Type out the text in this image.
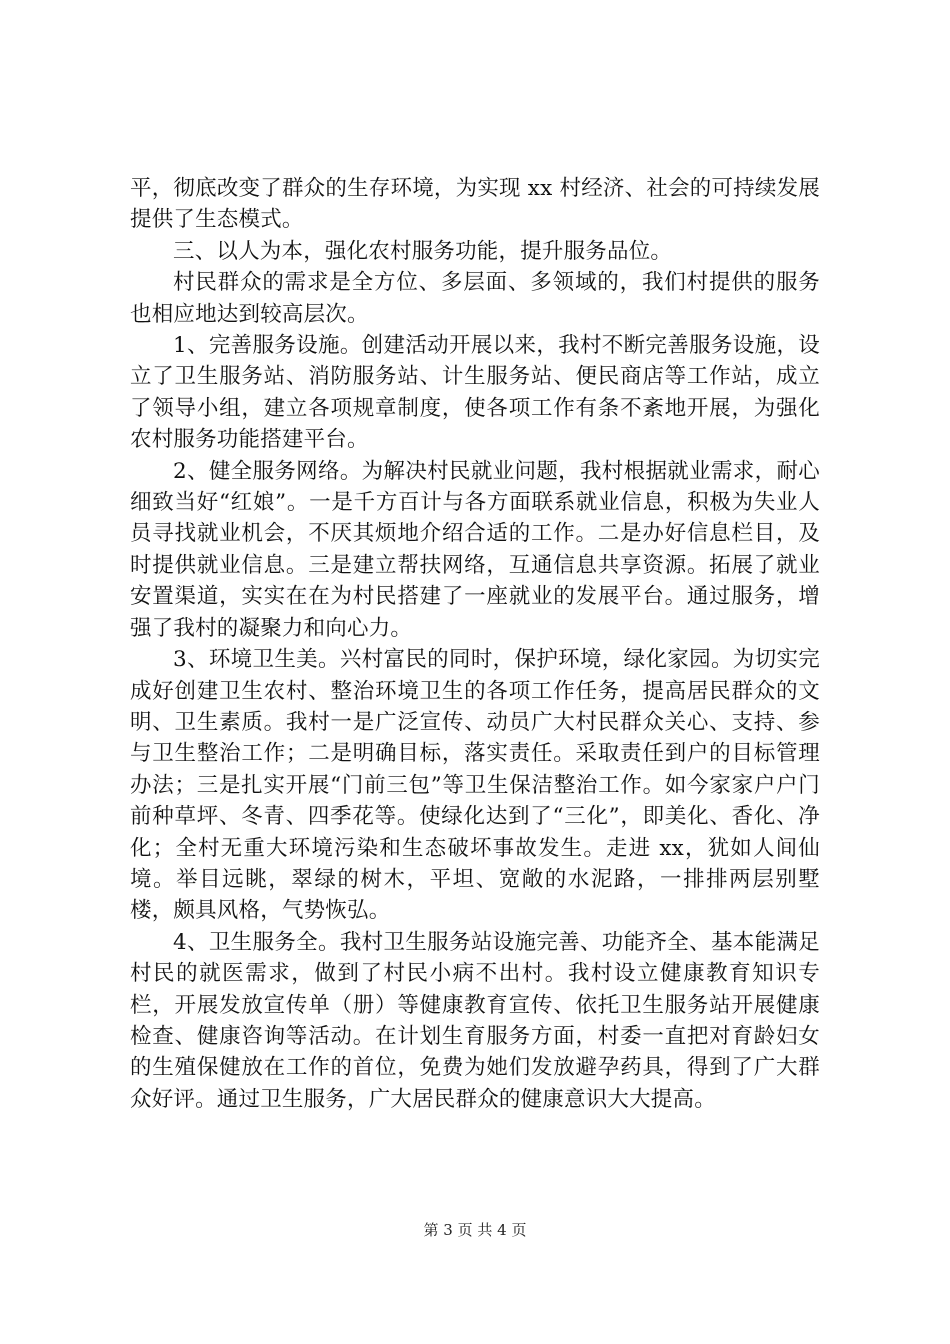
平，彻底改变了群众的生存环境，为实现 xx 村经济、社会的可持续发展提供了生态模式。

三、以人为本，强化农村服务功能，提升服务品位。

村民群众的需求是全方位、多层面、多领域的，我们村提供的服务也相应地达到较高层次。

1、完善服务设施。创建活动开展以来，我村不断完善服务设施，设立了卫生服务站、消防服务站、计生服务站、便民商店等工作站，成立了领导小组，建立各项规章制度，使各项工作有条不紊地开展，为强化农村服务功能搭建平台。

2、健全服务网络。为解决村民就业问题，我村根据就业需求，耐心细致当好“红娘”。一是千方百计与各方面联系就业信息，积极为失业人员寻找就业机会，不厌其烦地介绍合适的工作。二是办好信息栏目，及时提供就业信息。三是建立帮扶网络，互通信息共享资源。拓展了就业安置渠道，实实在在为村民搭建了一座就业的发展平台。通过服务，增强了我村的凝聚力和向心力。

3、环境卫生美。兴村富民的同时，保护环境，绿化家园。为切实完成好创建卫生农村、整治环境卫生的各项工作任务，提高居民群众的文明、卫生素质。我村一是广泛宣传、动员广大村民群众关心、支持、参与卫生整治工作；二是明确目标，落实责任。采取责任到户的目标管理办法；三是扎实开展“门前三包”等卫生保洁整治工作。如今家家户户门前种草坪、冬青、四季花等。使绿化达到了“三化”，即美化、香化、净化；全村无重大环境污染和生态破坏事故发生。走进 xx，犹如人间仙境。举目远眺，翠绿的树木，平坦、宽敞的水泥路，一排排两层别墅楼，颇具风格，气势恢弘。

4、卫生服务全。我村卫生服务站设施完善、功能齐全、基本能满足村民的就医需求，做到了村民小病不出村。我村设立健康教育知识专栏，开展发放宣传单（册）等健康教育宣传、依托卫生服务站开展健康检查、健康咨询等活动。在计划生育服务方面，村委一直把对育龄妇女的生殖保健放在工作的首位，免费为她们发放避孕药具，得到了广大群众好评。通过卫生服务，广大居民群众的健康意识大大提高。

第 3 页 共 4 页
